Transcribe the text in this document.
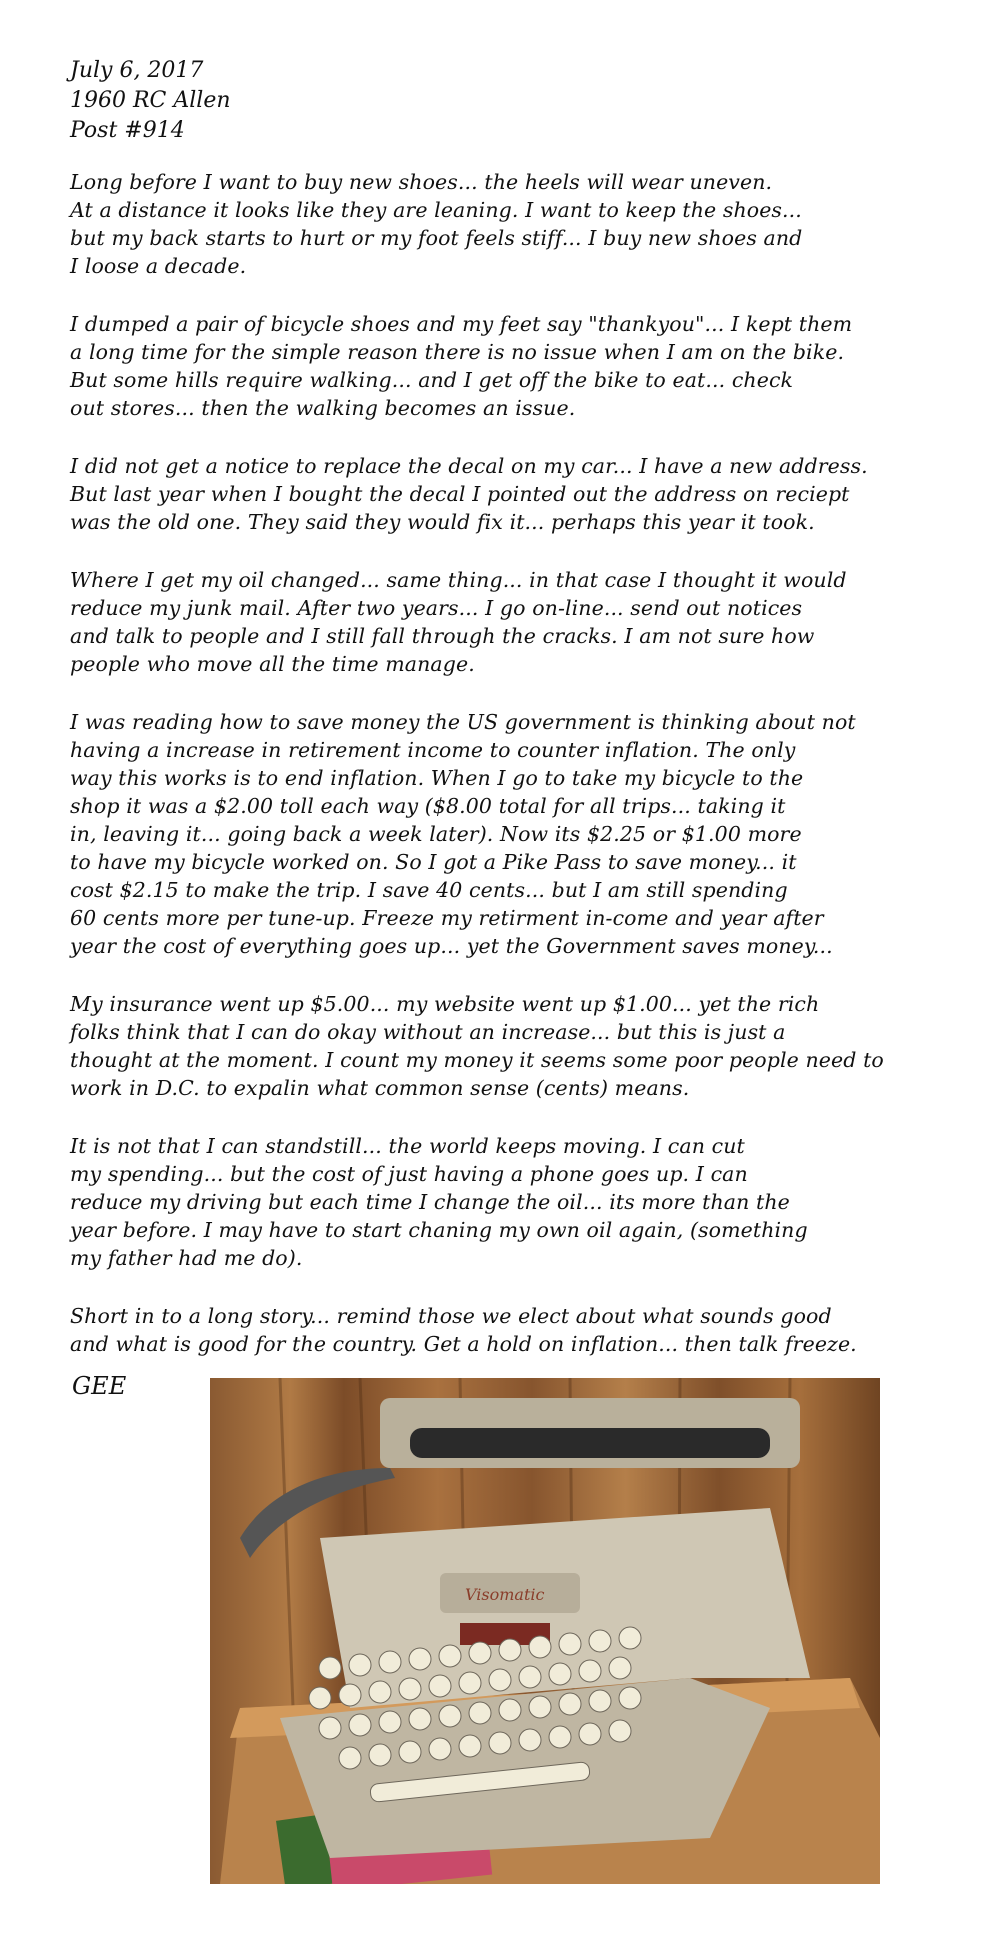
July 6, 2017
1960 RC Allen
Post #914
Long before I want to buy new shoes... the heels will wear uneven.
At a distance it looks like they are leaning. I want to keep the shoes...
but my back starts to hurt or my foot feels stiff... I buy new shoes and
I loose a decade.
I dumped a pair of bicycle shoes and my feet say "thankyou"... I kept them
a long time for the simple reason there is no issue when I am on the bike.
But some hills require walking... and I get off the bike to eat... check
out stores... then the walking becomes an issue.
I did not get a notice to replace the decal on my car... I have a new address.
But last year when I bought the decal I pointed out the address on reciept
was the old one. They said they would fix it... perhaps this year it took.
Where I get my oil changed... same thing... in that case I thought it would
reduce my junk mail. After two years... I go on-line... send out notices
and talk to people and I still fall through the cracks. I am not sure how
people who move all the time manage.
I was reading how to save money the US government is thinking about not
having a increase in retirement income to counter inflation. The only
way this works is to end inflation. When I go to take my bicycle to the
shop it was a $2.00 toll each way ($8.00 total for all trips... taking it
in, leaving it... going back a week later). Now its $2.25 or $1.00 more
to have my bicycle worked on. So I got a Pike Pass to save money... it
cost $2.15 to make the trip. I save 40 cents... but I am still spending
60 cents more per tune-up. Freeze my retirment in-come and year after
year the cost of everything goes up... yet the Government saves money...
My insurance went up $5.00... my website went up $1.00... yet the rich
folks think that I can do okay without an increase... but this is just a
thought at the moment. I count my money it seems some poor people need to
work in D.C. to expalin what common sense (cents) means.
It is not that I can standstill... the world keeps moving. I can cut
my spending... but the cost of just having a phone goes up. I can
reduce my driving but each time I change the oil... its more than the
year before. I may have to start chaning my own oil again, (something
my father had me do).
Short in to a long story... remind those we elect about what sounds good
and what is good for the country. Get a hold on inflation... then talk freeze.
GEE
Visomatic
